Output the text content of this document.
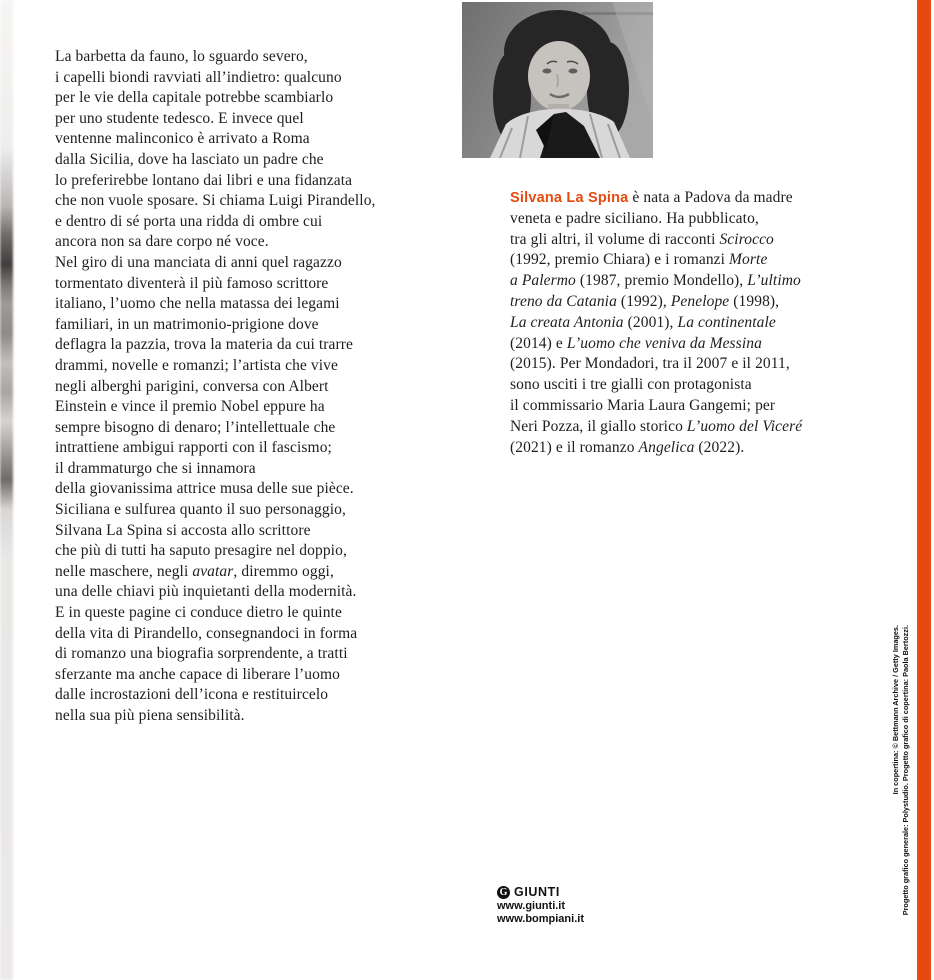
La barbetta da fauno, lo sguardo severo,
i capelli biondi ravviati all’indietro: qualcuno
per le vie della capitale potrebbe scambiarlo
per uno studente tedesco. E invece quel
ventenne malinconico è arrivato a Roma
dalla Sicilia, dove ha lasciato un padre che
lo preferirebbe lontano dai libri e una fidanzata
che non vuole sposare. Si chiama Luigi Pirandello,
e dentro di sé porta una ridda di ombre cui
ancora non sa dare corpo né voce.
Nel giro di una manciata di anni quel ragazzo
tormentato diventerà il più famoso scrittore
italiano, l’uomo che nella matassa dei legami
familiari, in un matrimonio-prigione dove
deflagra la pazzia, trova la materia da cui trarre
drammi, novelle e romanzi; l’artista che vive
negli alberghi parigini, conversa con Albert
Einstein e vince il premio Nobel eppure ha
sempre bisogno di denaro; l’intellettuale che
intrattiene ambigui rapporti con il fascismo;
il drammaturgo che si innamora
della giovanissima attrice musa delle sue pièce.
Siciliana e sulfurea quanto il suo personaggio,
Silvana La Spina si accosta allo scrittore
che più di tutti ha saputo presagire nel doppio,
nelle maschere, negli avatar, diremmo oggi,
una delle chiavi più inquietanti della modernità.
E in queste pagine ci conduce dietro le quinte
della vita di Pirandello, consegnandoci in forma
di romanzo una biografia sorprendente, a tratti
sferzante ma anche capace di liberare l’uomo
dalle incrostazioni dell’icona e restituircelo
nella sua più piena sensibilità.
Silvana La Spina è nata a Padova da madre
veneta e padre siciliano. Ha pubblicato,
tra gli altri, il volume di racconti Scirocco
(1992, premio Chiara) e i romanzi Morte
a Palermo (1987, premio Mondello), L’ultimo
treno da Catania (1992), Penelope (1998),
La creata Antonia (2001), La continentale
(2014) e L’uomo che veniva da Messina
(2015). Per Mondadori, tra il 2007 e il 2011,
sono usciti i tre gialli con protagonista
il commissario Maria Laura Gangemi; per
Neri Pozza, il giallo storico L’uomo del Viceré
(2021) e il romanzo Angelica (2022).
G GIUNTI
www.giunti.it
www.bompiani.it
In copertina: © Bettmann Archive / Getty Images. Progetto grafico generale: Polystudio. Progetto grafico di copertina: Paola Bertozzi.
